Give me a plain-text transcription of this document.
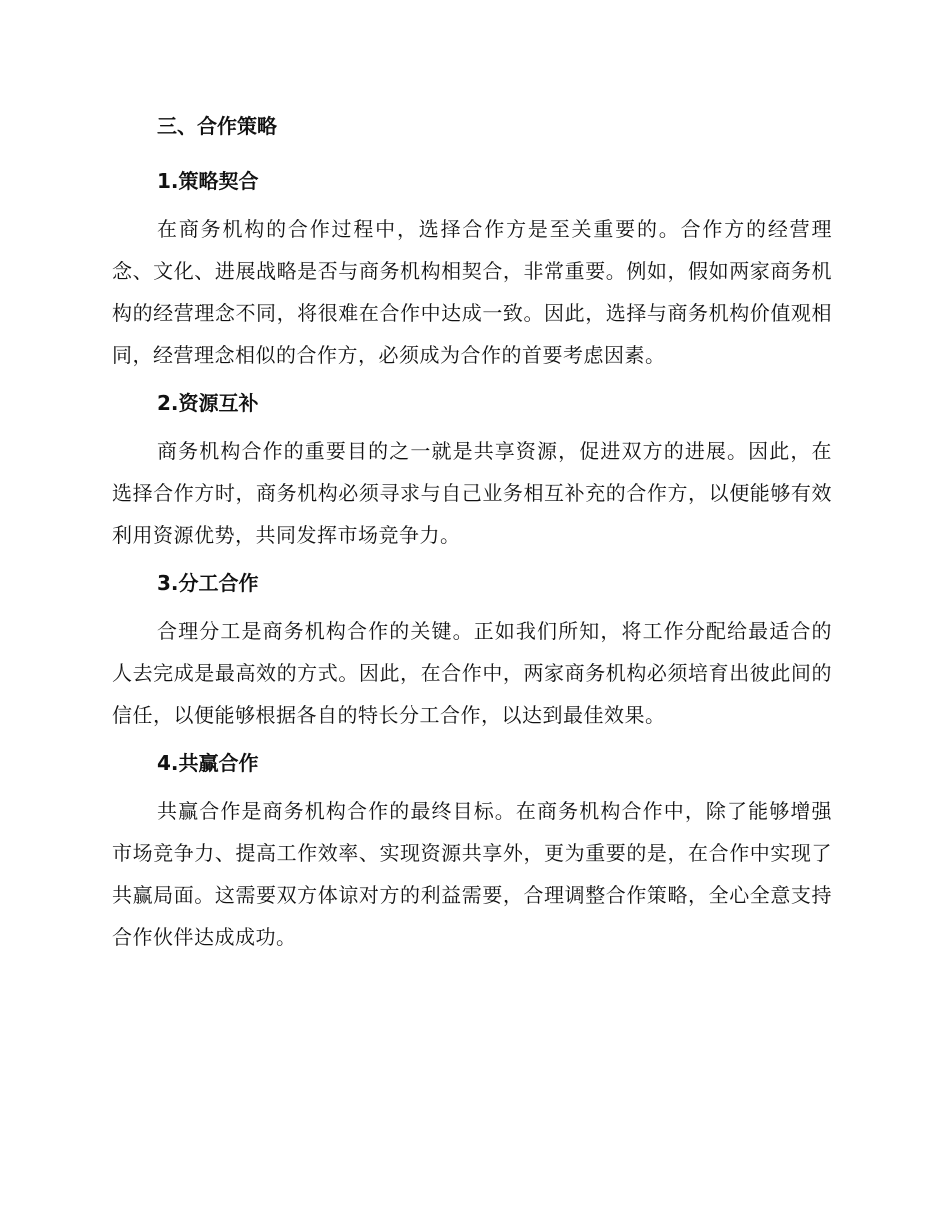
三、合作策略
1.策略契合

在商务机构的合作过程中，选择合作方是至关重要的。合作方的经营理念、文化、进展战略是否与商务机构相契合，非常重要。例如，假如两家商务机构的经营理念不同，将很难在合作中达成一致。因此，选择与商务机构价值观相同，经营理念相似的合作方，必须成为合作的首要考虑因素。

2.资源互补

商务机构合作的重要目的之一就是共享资源，促进双方的进展。因此，在选择合作方时，商务机构必须寻求与自己业务相互补充的合作方，以便能够有效利用资源优势，共同发挥市场竞争力。

3.分工合作

合理分工是商务机构合作的关键。正如我们所知，将工作分配给最适合的人去完成是最高效的方式。因此，在合作中，两家商务机构必须培育出彼此间的信任，以便能够根据各自的特长分工合作，以达到最佳效果。

4.共赢合作

共赢合作是商务机构合作的最终目标。在商务机构合作中，除了能够增强市场竞争力、提高工作效率、实现资源共享外，更为重要的是，在合作中实现了共赢局面。这需要双方体谅对方的利益需要，合理调整合作策略，全心全意支持合作伙伴达成成功。
